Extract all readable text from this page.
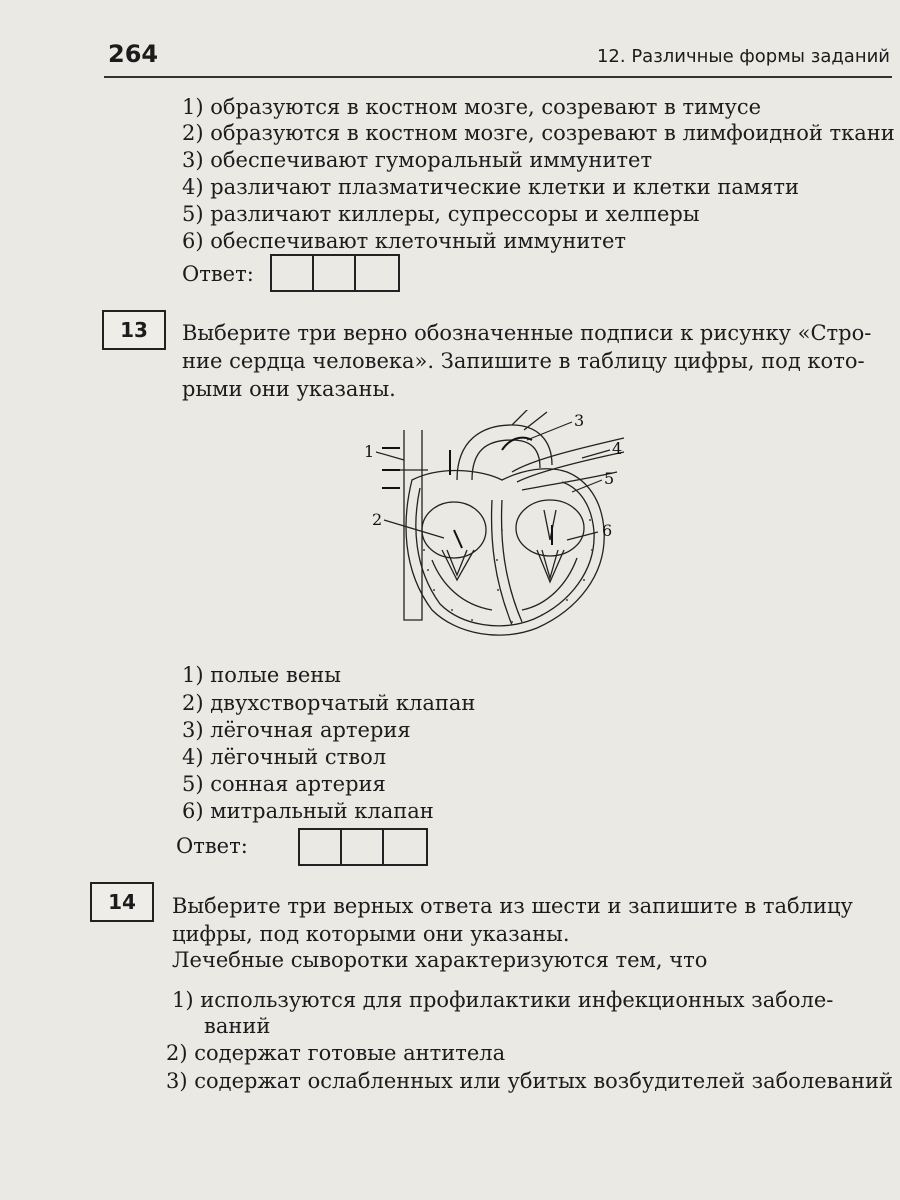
264	12. Различные формы заданий
1) образуются в костном мозге, созревают в тимусе
2) образуются в костном мозге, созревают в лимфоидной ткани
3) обеспечивают гуморальный иммунитет
4) различают плазматические клетки и клетки памяти
5) различают киллеры, супрессоры и хелперы
6) обеспечивают клеточный иммунитет
Ответ:
13	Выберите три верно обозначенные подписи к рисунку «Стро-
ние сердца человека». Запишите в таблицу цифры, под кото-
рыми они указаны.
1
2
3
4
5
6
1) полые вены
2) двухстворчатый клапан
3) лёгочная артерия
4) лёгочный ствол
5) сонная артерия
6) митральный клапан
Ответ:
14	Выберите три верных ответа из шести и запишите в таблицу
цифры, под которыми они указаны.
Лечебные сыворотки характеризуются тем, что
1) используются для профилактики инфекционных заболе-
ваний
2) содержат готовые антитела
3) содержат ослабленных или убитых возбудителей заболеваний
